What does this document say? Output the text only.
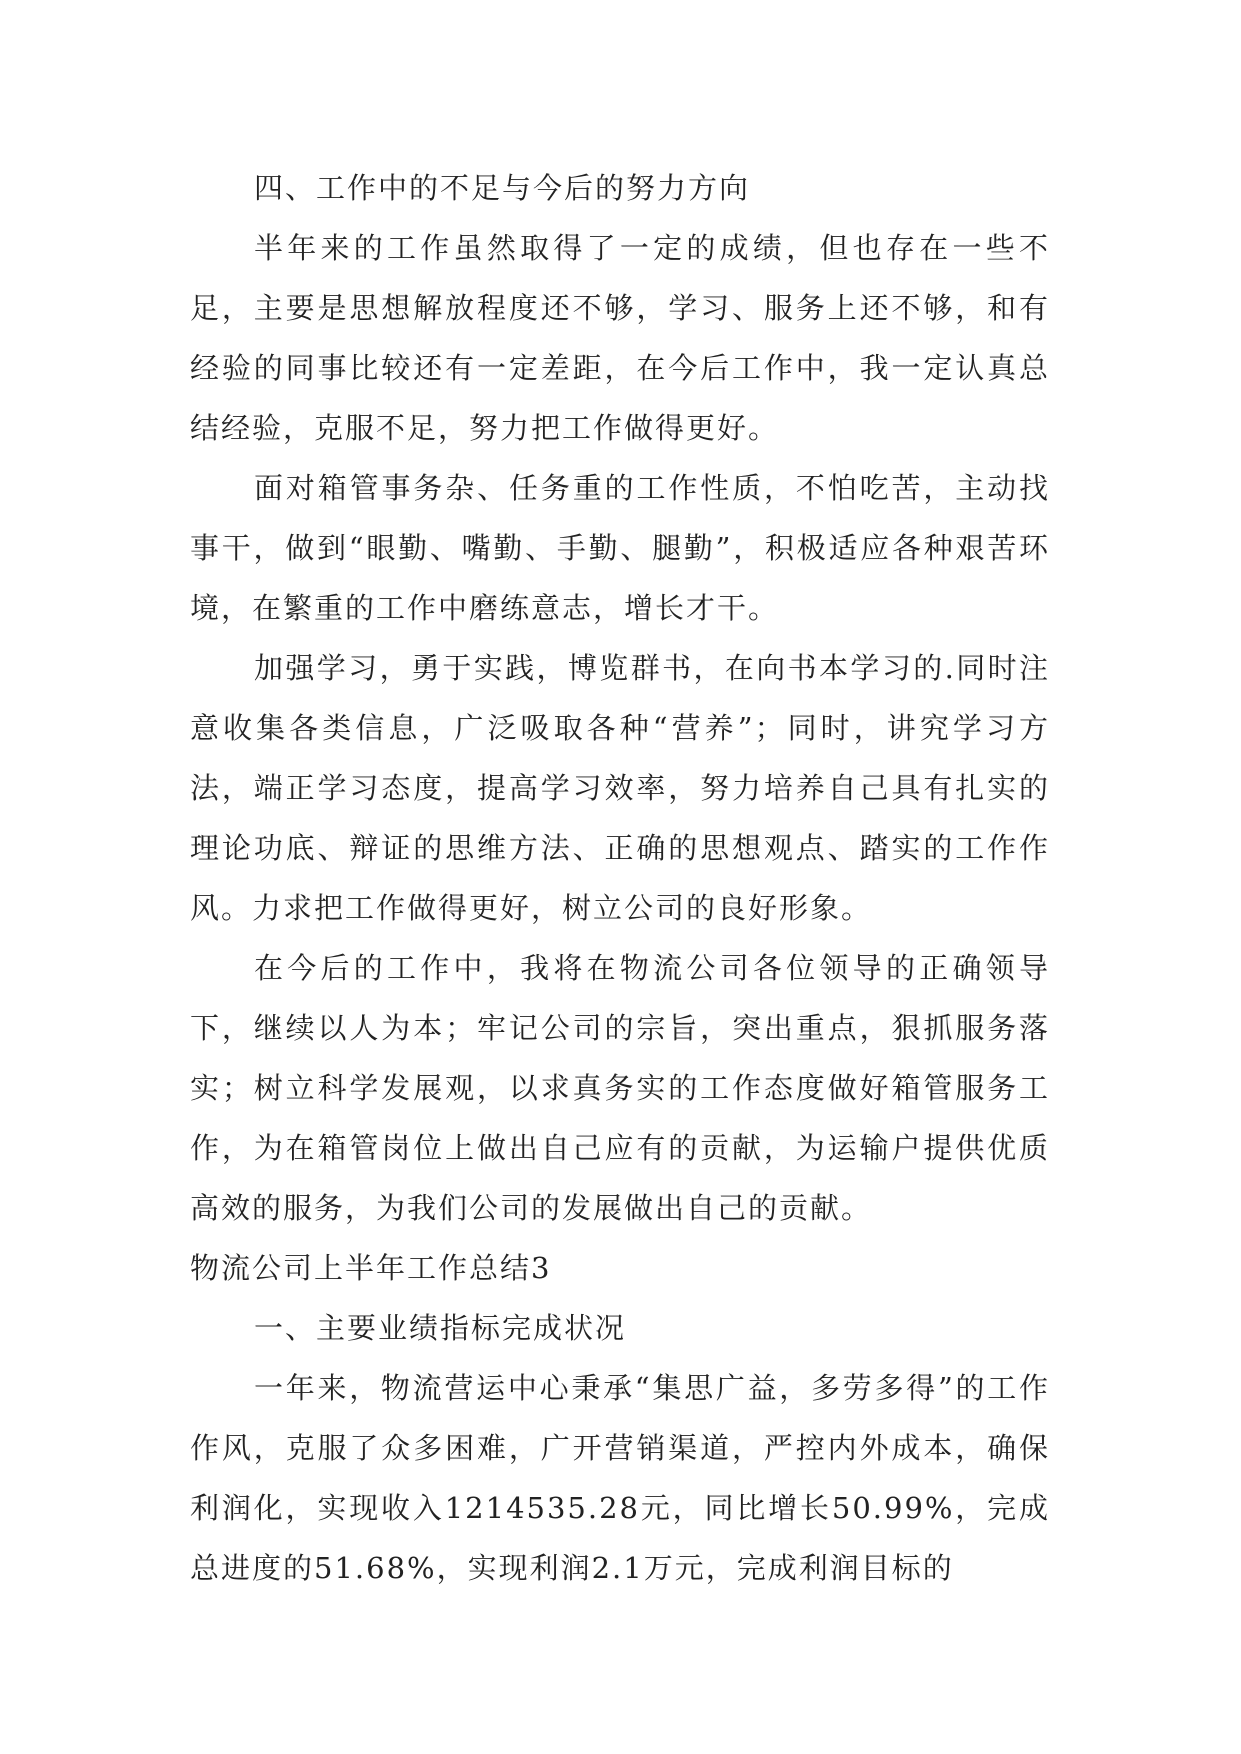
四、工作中的不足与今后的努力方向

半年来的工作虽然取得了一定的成绩，但也存在一些不足，主要是思想解放程度还不够，学习、服务上还不够，和有经验的同事比较还有一定差距，在今后工作中，我一定认真总结经验，克服不足，努力把工作做得更好。

面对箱管事务杂、任务重的工作性质，不怕吃苦，主动找事干，做到“眼勤、嘴勤、手勤、腿勤”，积极适应各种艰苦环境，在繁重的工作中磨练意志，增长才干。

加强学习，勇于实践，博览群书，在向书本学习的.同时注意收集各类信息，广泛吸取各种“营养”；同时，讲究学习方法，端正学习态度，提高学习效率，努力培养自己具有扎实的理论功底、辩证的思维方法、正确的思想观点、踏实的工作作风。力求把工作做得更好，树立公司的良好形象。

在今后的工作中，我将在物流公司各位领导的正确领导下，继续以人为本；牢记公司的宗旨，突出重点，狠抓服务落实；树立科学发展观，以求真务实的工作态度做好箱管服务工作，为在箱管岗位上做出自己应有的贡献，为运输户提供优质高效的服务，为我们公司的发展做出自己的贡献。

物流公司上半年工作总结3

一、主要业绩指标完成状况

一年来，物流营运中心秉承“集思广益，多劳多得”的工作作风，克服了众多困难，广开营销渠道，严控内外成本，确保利润化，实现收入1214535.28元，同比增长50.99%，完成总进度的51.68%，实现利润2.1万元，完成利润目标的
